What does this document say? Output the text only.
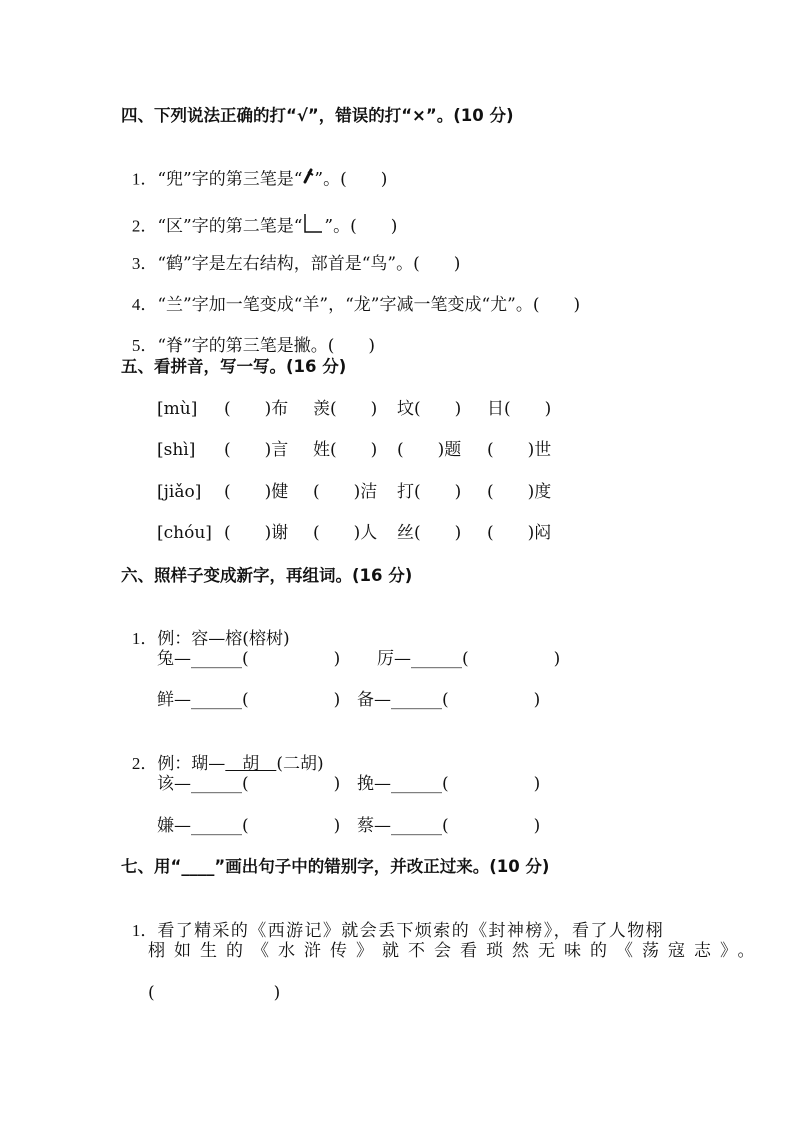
四、下列说法正确的打“√”，错误的打“×”。(10 分)

1．“兜”字的第三笔是“ ”。(　　)

2．“区”字的第二笔是“ ”。(　　)

3．“鹤”字是左右结构，部首是“鸟”。(　　)

4．“兰”字加一笔变成“羊”，“龙”字减一笔变成“尤”。(　　)

5．“脊”字的第三笔是撇。(　　)

五、看拼音，写一写。(16 分)
[mù] (　　)布 羡(　　) 坟(　　) 日(　　)
[shì] (　　)言 姓(　　) (　　)题 (　　)世
[jiǎo] (　　)健 (　　)洁 打(　　) (　　)度
[chóu] (　　)谢 (　　)人 丝(　　) (　　)闷
六、照样子变成新字，再组词。(16 分)

1．例：容—榕(榕树)

兔—______(　　　　　) 厉—______(　　　　　)
鲜—______(　　　　　) 备—______(　　　　　)

2．例：瑚—　胡　(二胡)

该—______(　　　　　) 挽—______(　　　　　)
嫌—______(　　　　　) 蔡—______(　　　　　)
七、用“____”画出句子中的错别字，并改正过来。(10 分)

1．看了精采的《西游记》就会丢下烦索的《封神榜》，看了人物栩

栩如生的《水浒传》就不会看琐然无味的《荡寇志》。
(　　　　　　　)
